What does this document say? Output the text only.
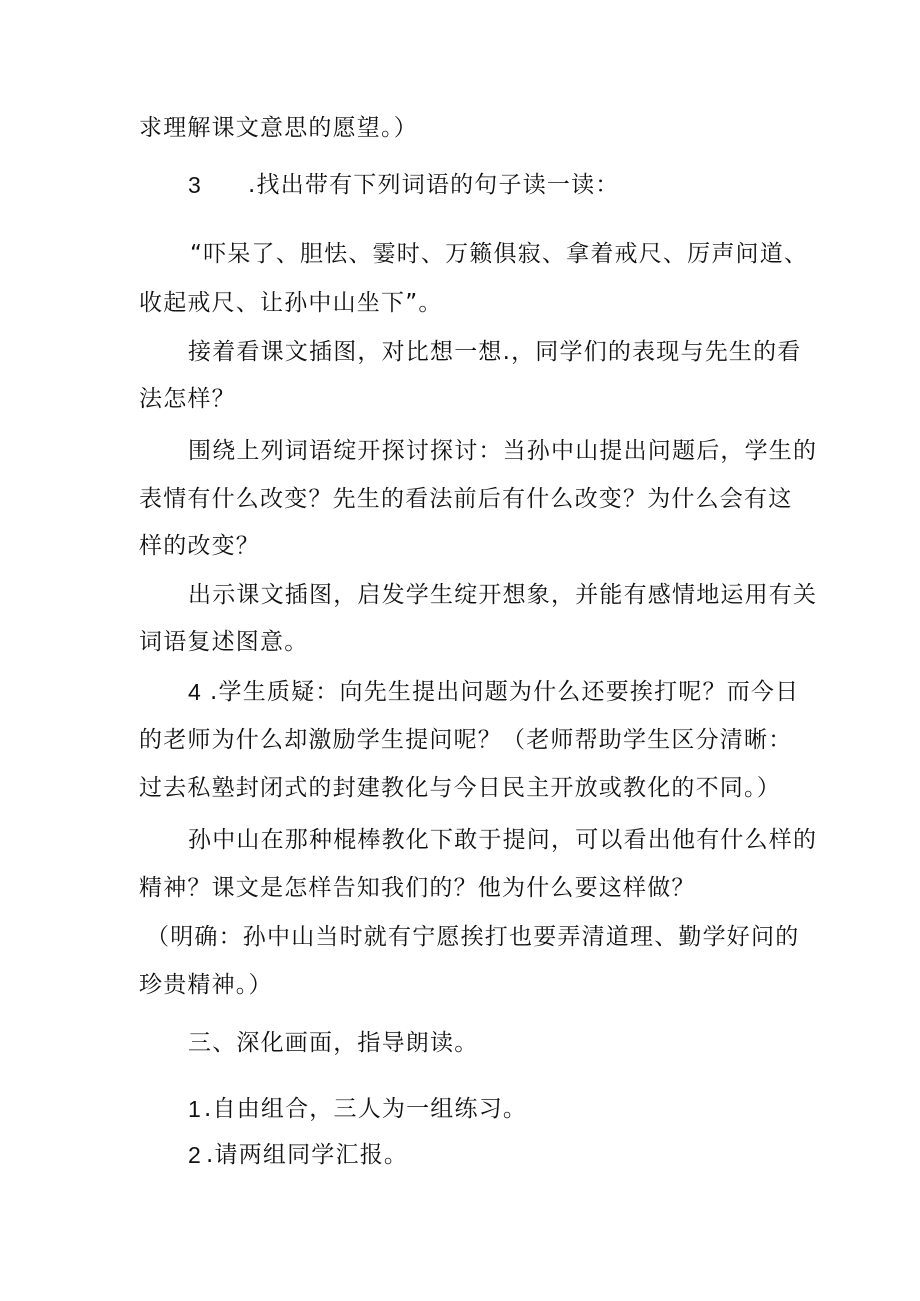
求理解课文意思的愿望。）
3 .找出带有下列词语的句子读一读：
“吓呆了、胆怯、霎时、万籁俱寂、拿着戒尺、厉声问道、
收起戒尺、让孙中山坐下”。
接着看课文插图，对比想一想.，同学们的表现与先生的看
法怎样？
围绕上列词语绽开探讨探讨：当孙中山提出问题后，学生的
表情有什么改变？先生的看法前后有什么改变？为什么会有这
样的改变？
出示课文插图，启发学生绽开想象，并能有感情地运用有关
词语复述图意。
4 .学生质疑：向先生提出问题为什么还要挨打呢？而今日
的老师为什么却激励学生提问呢？（老师帮助学生区分清晰：
过去私塾封闭式的封建教化与今日民主开放或教化的不同。）
孙中山在那种棍棒教化下敢于提问，可以看出他有什么样的
精神？课文是怎样告知我们的？他为什么要这样做？
（明确：孙中山当时就有宁愿挨打也要弄清道理、勤学好问的
珍贵精神。）
三、深化画面，指导朗读。
1 .自由组合，三人为一组练习。
2 .请两组同学汇报。
